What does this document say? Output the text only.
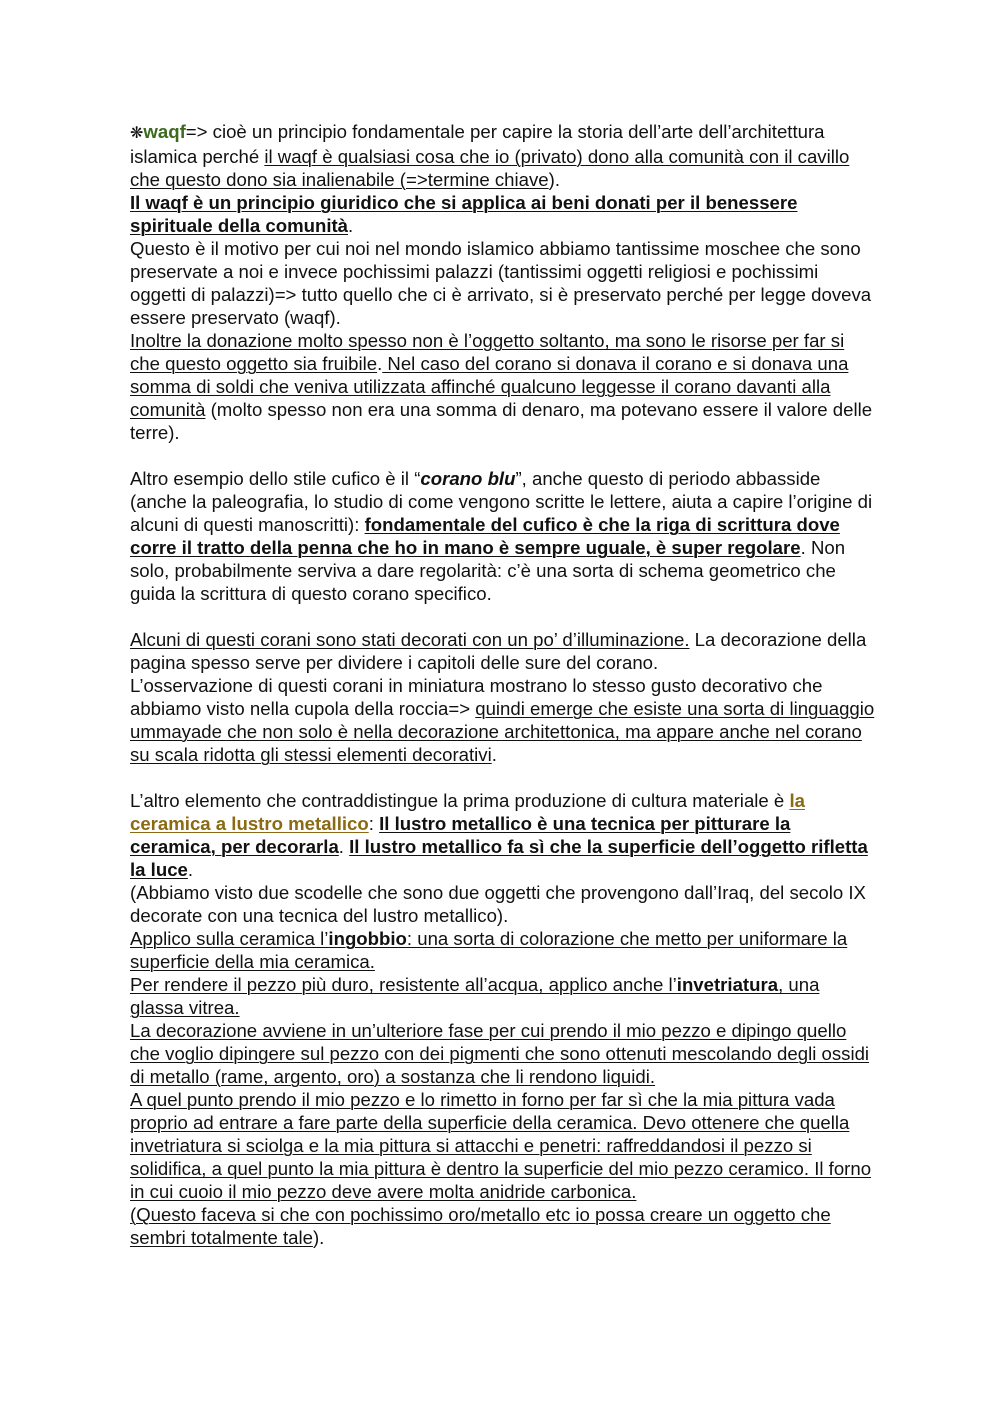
❋waqf=> cioè un principio fondamentale per capire la storia dell’arte dell’architettura islamica perché il waqf è qualsiasi cosa che io (privato) dono alla comunità con il cavillo che questo dono sia inalienabile (=>termine chiave).

Il waqf è un principio giuridico che si applica ai beni donati per il benessere spirituale della comunità.

Questo è il motivo per cui noi nel mondo islamico abbiamo tantissime moschee che sono preservate a noi e invece pochissimi palazzi (tantissimi oggetti religiosi e pochissimi oggetti di palazzi)=> tutto quello che ci è arrivato, si è preservato perché per legge doveva essere preservato (waqf).

Inoltre la donazione molto spesso non è l’oggetto soltanto, ma sono le risorse per far si che questo oggetto sia fruibile. Nel caso del corano si donava il corano e si donava una somma di soldi che veniva utilizzata affinché qualcuno leggesse il corano davanti alla comunità (molto spesso non era una somma di denaro, ma potevano essere il valore delle terre).

Altro esempio dello stile cufico è il “corano blu”, anche questo di periodo abbasside (anche la paleografia, lo studio di come vengono scritte le lettere, aiuta a capire l’origine di alcuni di questi manoscritti): fondamentale del cufico è che la riga di scrittura dove corre il tratto della penna che ho in mano è sempre uguale, è super regolare. Non solo, probabilmente serviva a dare regolarità: c’è una sorta di schema geometrico che guida la scrittura di questo corano specifico.

Alcuni di questi corani sono stati decorati con un po’ d’illuminazione. La decorazione della pagina spesso serve per dividere i capitoli delle sure del corano.

L’osservazione di questi corani in miniatura mostrano lo stesso gusto decorativo che abbiamo visto nella cupola della roccia=> quindi emerge che esiste una sorta di linguaggio ummayade che non solo è nella decorazione architettonica, ma appare anche nel corano su scala ridotta gli stessi elementi decorativi.

L’altro elemento che contraddistingue la prima produzione di cultura materiale è la ceramica a lustro metallico: Il lustro metallico è una tecnica per pitturare la ceramica, per decorarla. Il lustro metallico fa sì che la superficie dell’oggetto rifletta la luce.

(Abbiamo visto due scodelle che sono due oggetti che provengono dall’Iraq, del secolo IX decorate con una tecnica del lustro metallico).

Applico sulla ceramica l’ingobbio: una sorta di colorazione che metto per uniformare la superficie della mia ceramica.

Per rendere il pezzo più duro, resistente all’acqua, applico anche l’invetriatura, una glassa vitrea.

La decorazione avviene in un’ulteriore fase per cui prendo il mio pezzo e dipingo quello che voglio dipingere sul pezzo con dei pigmenti che sono ottenuti mescolando degli ossidi di metallo (rame, argento, oro) a sostanza che li rendono liquidi.

A quel punto prendo il mio pezzo e lo rimetto in forno per far sì che la mia pittura vada proprio ad entrare a fare parte della superficie della ceramica. Devo ottenere che quella invetriatura si sciolga e la mia pittura si attacchi e penetri: raffreddandosi il pezzo si solidifica, a quel punto la mia pittura è dentro la superficie del mio pezzo ceramico. Il forno in cui cuoio il mio pezzo deve avere molta anidride carbonica.

(Questo faceva si che con pochissimo oro/metallo etc io possa creare un oggetto che sembri totalmente tale).
